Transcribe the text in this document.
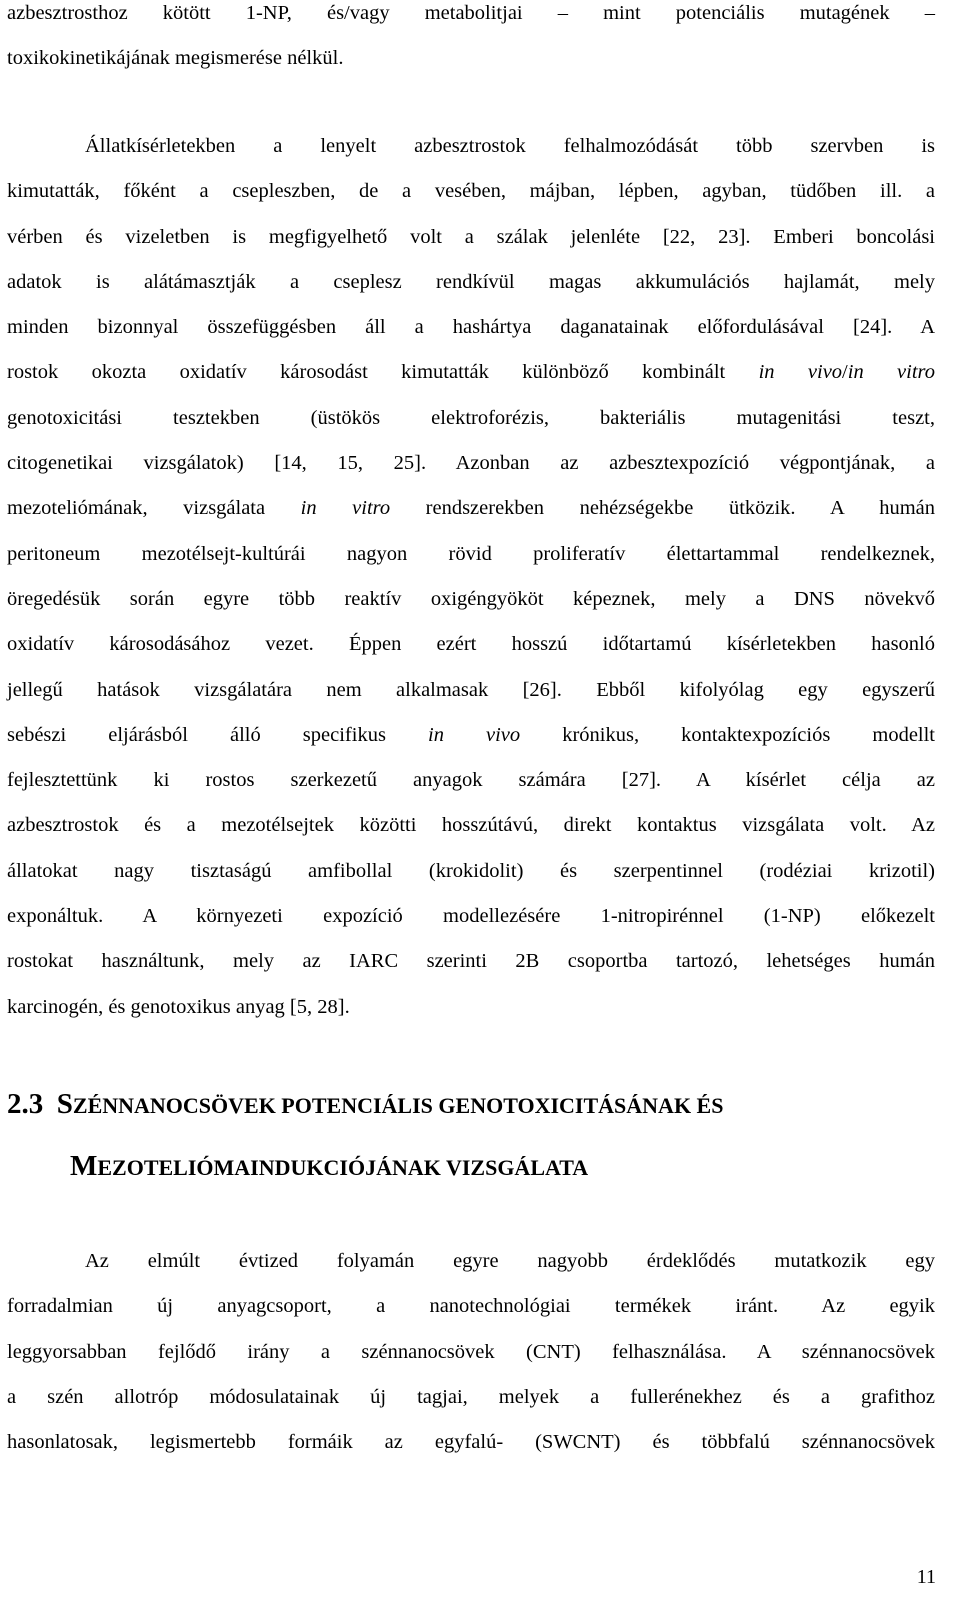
azbesztrosthoz kötött 1-NP, és/vagy metabolitjai – mint potenciális mutagének –
toxikokinetikájának megismerése nélkül.
Állatkísérletekben a lenyelt azbesztrostok felhalmozódását több szervben is
kimutatták, főként a csepleszben, de a vesében, májban, lépben, agyban, tüdőben ill. a
vérben és vizeletben is megfigyelhető volt a szálak jelenléte [22, 23]. Emberi boncolási
adatok is alátámasztják a cseplesz rendkívül magas akkumulációs hajlamát, mely
minden bizonnyal összefüggésben áll a hashártya daganatainak előfordulásával [24]. A
rostok okozta oxidatív károsodást kimutatták különböző kombinált in vivo/in vitro
genotoxicitási tesztekben (üstökös elektroforézis, bakteriális mutagenitási teszt,
citogenetikai vizsgálatok) [14, 15, 25]. Azonban az azbesztexpozíció végpontjának, a
mezoteliómának, vizsgálata in vitro rendszerekben nehézségekbe ütközik. A humán
peritoneum mezotélsejt-kultúrái nagyon rövid proliferatív élettartammal rendelkeznek,
öregedésük során egyre több reaktív oxigéngyököt képeznek, mely a DNS növekvő
oxidatív károsodásához vezet. Éppen ezért hosszú időtartamú kísérletekben hasonló
jellegű hatások vizsgálatára nem alkalmasak [26]. Ebből kifolyólag egy egyszerű
sebészi eljárásból álló specifikus in vivo krónikus, kontaktexpozíciós modellt
fejlesztettünk ki rostos szerkezetű anyagok számára [27]. A kísérlet célja az
azbesztrostok és a mezotélsejtek közötti hosszútávú, direkt kontaktus vizsgálata volt. Az
állatokat nagy tisztaságú amfibollal (krokidolit) és szerpentinnel (rodéziai krizotil)
exponáltuk. A környezeti expozíció modellezésére 1-nitropirénnel (1-NP) előkezelt
rostokat használtunk, mely az IARC szerinti 2B csoportba tartozó, lehetséges humán
karcinogén, és genotoxikus anyag [5, 28].
2.3 SZÉNNANOCSÖVEK POTENCIÁLIS GENOTOXICITÁSÁNAK ÉS
MEZOTELIÓMAINDUKCIÓJÁNAK VIZSGÁLATA
Az elmúlt évtized folyamán egyre nagyobb érdeklődés mutatkozik egy
forradalmian új anyagcsoport, a nanotechnológiai termékek iránt. Az egyik
leggyorsabban fejlődő irány a szénnanocsövek (CNT) felhasználása. A szénnanocsövek
a szén allotróp módosulatainak új tagjai, melyek a fullerénekhez és a grafithoz
hasonlatosak, legismertebb formáik az egyfalú- (SWCNT) és többfalú szénnanocsövek
11
